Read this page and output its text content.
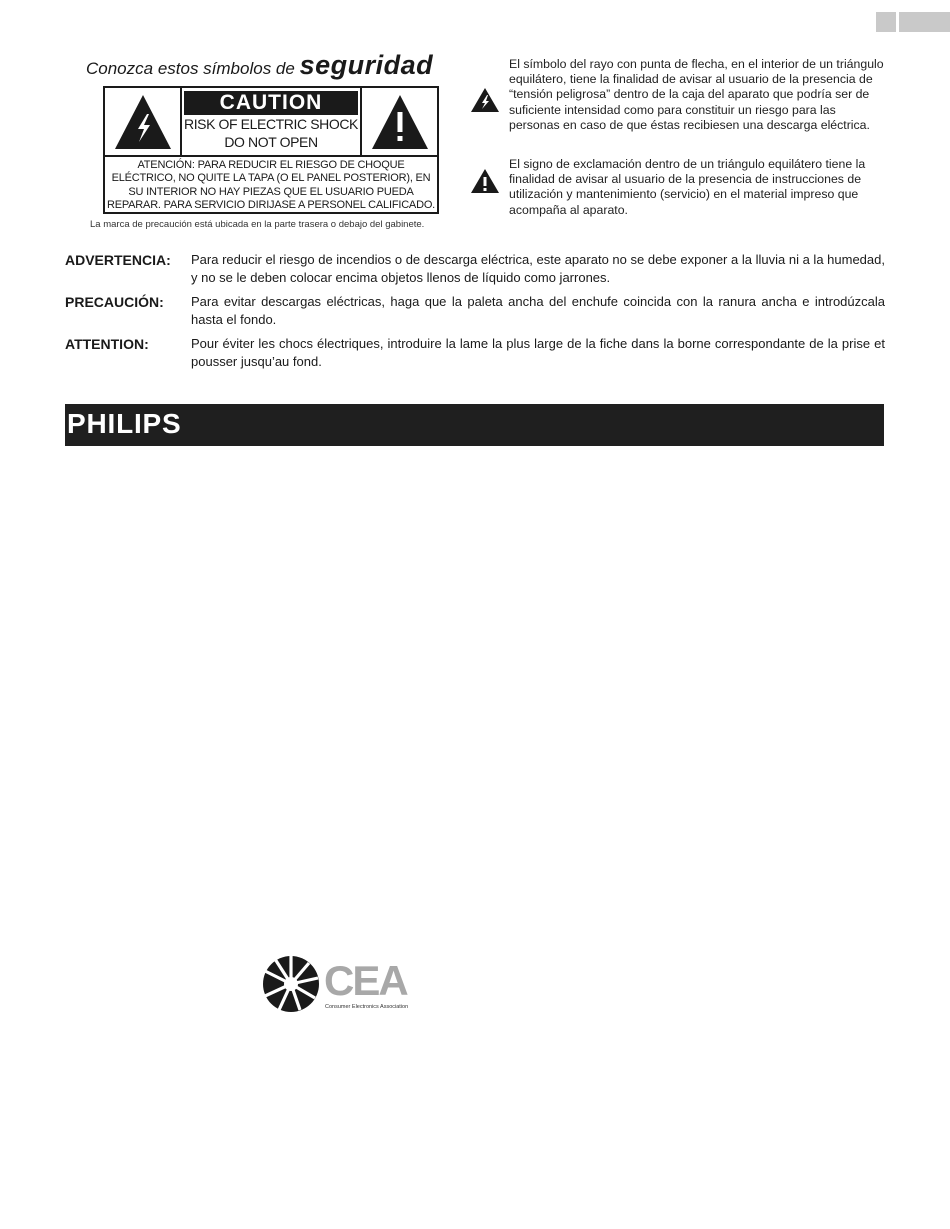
Conozca estos símbolos de seguridad
CAUTION
RISK OF ELECTRIC SHOCK
DO NOT OPEN
ATENCIÓN: PARA REDUCIR EL RIESGO DE CHOQUE
ELÉCTRICO, NO QUITE LA TAPA (O EL PANEL POSTERIOR), EN
SU INTERIOR NO HAY PIEZAS QUE EL USUARIO PUEDA
REPARAR. PARA SERVICIO DIRIJASE A PERSONEL CALIFICADO.
La marca de precaución está ubicada en la parte trasera o debajo del gabinete.

El símbolo del rayo con punta de flecha, en el interior de un triángulo equilátero, tiene la finalidad de avisar al usuario de la presencia de “tensión peligrosa” dentro de la caja del aparato que podría ser de suficiente intensidad como para constituir un riesgo para las personas en caso de que éstas recibiesen una descarga eléctrica.

El signo de exclamación dentro de un triángulo equilátero tiene la finalidad de avisar al usuario de la presencia de instrucciones de utilización y mantenimiento (servicio) en el material impreso que acompaña al aparato.

ADVERTENCIA: Para reducir el riesgo de incendios o de descarga eléctrica, este aparato no se debe exponer a la lluvia ni a la humedad, y no se le deben colocar encima objetos llenos de líquido como jarrones.
PRECAUCIÓN: Para evitar descargas eléctricas, haga que la paleta ancha del enchufe coincida con la ranura ancha e introdúzcala hasta el fondo.
ATTENTION:	Pour éviter les chocs électriques, introduire la lame la plus large de la fiche dans la borne correspondante de la prise et pousser jusqu’au fond.
PHILIPS
CEA
Consumer Electronics Association
